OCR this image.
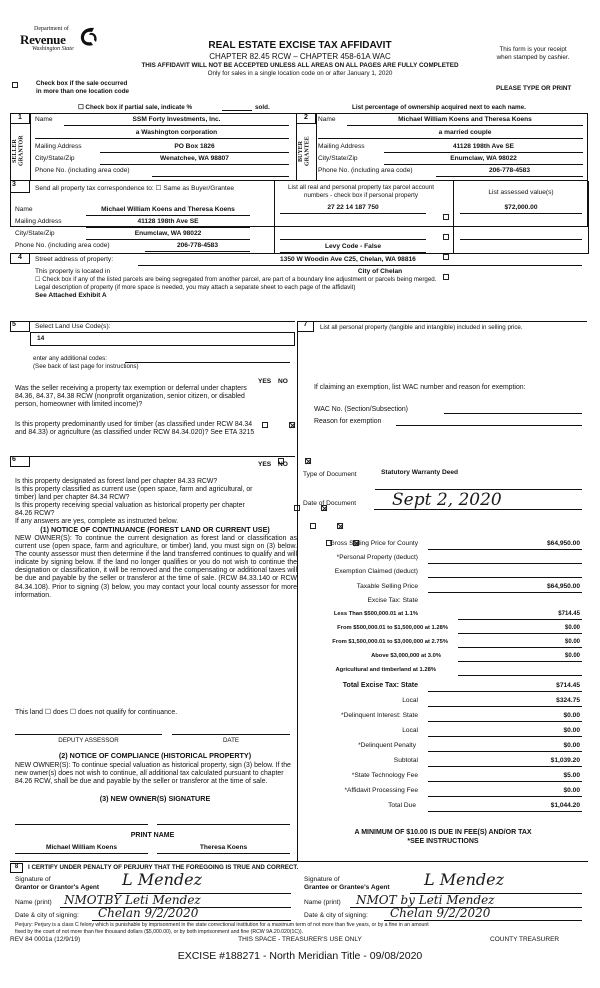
Department of
Revenue
Washington State	REAL ESTATE EXCISE TAX AFFIDAVIT
CHAPTER 82.45 RCW – CHAPTER 458-61A WAC
THIS AFFIDAVIT WILL NOT BE ACCEPTED UNLESS ALL AREAS ON ALL PAGES ARE FULLY COMPLETED
Only for sales in a single location code on or after January 1, 2020
This form is your receipt
when stamped by cashier.
Check box if the sale occurred
in more than one location code	PLEASE TYPE OR PRINT
☐ Check box if partial sale, indicate %	sold.	List percentage of ownership acquired next to each name.
1
SELLER GRANTOR
Name	SSM Forty Investments, Inc.
a Washington corporation
Mailing Address	PO Box 1826
City/State/Zip	Wenatchee, WA 98807
Phone No. (including area code)
2
BUYER GRANTEE
Name	Michael William Koens and Theresa Koens
a married couple
Mailing Address	41128 198th Ave SE
City/State/Zip	Enumclaw, WA 98022
Phone No. (including area code)	206-778-4583
3
Send all property tax correspondence to: ☐ Same as Buyer/Grantee
Name	Michael William Koens and Theresa Koens
Mailing Address	41128 198th Ave SE
City/State/Zip	Enumclaw, WA 98022
Phone No. (including area code)	206-778-4583
List all real and personal property tax parcel account
numbers - check box if personal property	List assessed value(s)
27 22 14 187 750	$72,000.00
Levy Code - False
4	Street address of property:	1350 W Woodin Ave C25, Chelan, WA 98816
This property is located in	City of Chelan
☐ Check box if any of the listed parcels are being segregated from another parcel, are part of a boundary line adjustment or parcels being merged.
Legal description of property (if more space is needed, you may attach a separate sheet to each page of the affidavit)
See Attached Exhibit A
5	Select Land Use Code(s):
14
enter any additional codes:
(See back of last page for instructions)
YES NO
Was the seller receiving a property tax exemption or deferral under chapters 84.36, 84.37, 84.38 RCW (nonprofit organization, senior citizen, or disabled person, homeowner with limited income)?

Is this property predominantly used for timber (as classified under RCW 84.34 and 84.33) or agriculture (as classified under RCW 84.34.020)? See ETA 3215

6
YES NO

Is this property designated as forest land per chapter 84.33 RCW?
Is this property classified as current use (open space, farm and agricultural, or timber) land per chapter 84.34 RCW?

Is this property receiving special valuation as historical property per chapter 84.26 RCW?

If any answers are yes, complete as instructed below.
(1) NOTICE OF CONTINUANCE (FOREST LAND OR CURRENT USE)
NEW OWNER(S): To continue the current designation as forest land or classification as current use (open space, farm and agriculture, or timber) land, you must sign on (3) below. The county assessor must then determine if the land transferred continues to qualify and will indicate by signing below. If the land no longer qualifies or you do not wish to continue the designation or classification, it will be removed and the compensating or additional taxes will be due and payable by the seller or transferor at the time of sale. (RCW 84.33.140 or RCW 84.34.108). Prior to signing (3) below, you may contact your local county assessor for more information.
This land ☐ does ☐ does not qualify for continuance.
DEPUTY ASSESSOR	DATE
(2) NOTICE OF COMPLIANCE (HISTORICAL PROPERTY)
NEW OWNER(S): To continue special valuation as historical property, sign (3) below. If the new owner(s) does not wish to continue, all additional tax calculated pursuant to chapter 84.26 RCW, shall be due and payable by the seller or transferor at the time of sale.
(3) NEW OWNER(S) SIGNATURE
PRINT NAME
Michael William Koens	Theresa Koens
7	List all personal property (tangible and intangible) included in selling price.
If claiming an exemption, list WAC number and reason for exemption:
WAC No. (Section/Subsection)
Reason for exemption
Type of Document	Statutory Warranty Deed
Date of Document Sept 2, 2020
Gross Selling Price for County	$64,950.00
*Personal Property (deduct)
Exemption Claimed (deduct)
Taxable Selling Price	$64,950.00
Excise Tax: State
Less Than $500,000.01 at 1.1%	$714.45
From $500,000.01 to $1,500,000 at 1.28%	$0.00
From $1,500,000.01 to $3,000,000 at 2.75%	$0.00
Above $3,000,000 at 3.0%	$0.00
Agricultural and timberland at 1.28%
Total Excise Tax: State	$714.45
Local	$324.75
*Delinquent Interest: State	$0.00
Local	$0.00
*Delinquent Penalty	$0.00
Subtotal	$1,039.20
*State Technology Fee	$5.00
*Affidavit Processing Fee	$0.00
Total Due	$1,044.20
A MINIMUM OF $10.00 IS DUE IN FEE(S) AND/OR TAX
*SEE INSTRUCTIONS
8	I CERTIFY UNDER PENALTY OF PERJURY THAT THE FOREGOING IS TRUE AND CORRECT.
Signature of
Grantor or Grantor's Agent L Mendez
Name (print) NMOTBY Leti Mendez
Date & city of signing: Chelan 9/2/2020
Signature of
Grantee or Grantee's Agent L Mendez
Name (print) NMOT by Leti Mendez
Date & city of signing: Chelan 9/2/2020
Perjury: Perjury is a class C felony which is punishable by imprisonment in the state correctional institution for a maximum term of not more than five years, or by a fine in an amount
fixed by the court of not more than five thousand dollars ($5,000.00), or by both imprisonment and fine (RCW 9A.20.020(1C)).
REV 84 0001a (12/9/19)	THIS SPACE - TREASURER'S USE ONLY	COUNTY TREASURER
EXCISE #188271 - North Meridian Title - 09/08/2020
